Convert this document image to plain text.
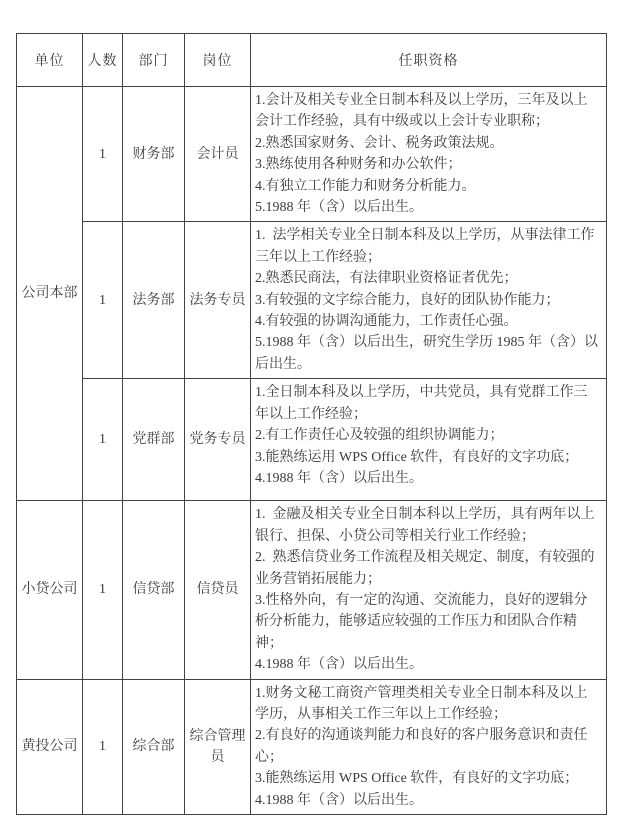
单位	人数	部门	岗位	任职资格
公司本部	1	财务部	会计员	1.会计及相关专业全日制本科及以上学历，三年及以上会计工作经验，具有中级或以上会计专业职称；
2.熟悉国家财务、会计、税务政策法规。
3.熟练使用各种财务和办公软件；
4.有独立工作能力和财务分析能力。
5.1988 年（含）以后出生。

	1	法务部	法务专员	1.  法学相关专业全日制本科及以上学历，从事法律工作三年以上工作经验；
2.熟悉民商法，有法律职业资格证者优先；
3.有较强的文字综合能力，良好的团队协作能力；
4.有较强的协调沟通能力，工作责任心强。
5.1988 年（含）以后出生，研究生学历 1985 年（含）以后出生。

	1	党群部	党务专员	1.全日制本科及以上学历，中共党员，具有党群工作三年以上工作经验；
2.有工作责任心及较强的组织协调能力；
3.能熟练运用 WPS Office 软件，有良好的文字功底；
4.1988 年（含）以后出生。

小贷公司	1	信贷部	信贷员	1.  金融及相关专业全日制本科以上学历，具有两年以上银行、担保、小贷公司等相关行业工作经验；
2.  熟悉信贷业务工作流程及相关规定、制度，有较强的业务营销拓展能力；
3.性格外向，有一定的沟通、交流能力，良好的逻辑分析分析能力，能够适应较强的工作压力和团队合作精神；
4.1988 年（含）以后出生。

黄投公司	1	综合部	综合管理员	1.财务文秘工商资产管理类相关专业全日制本科及以上学历，从事相关工作三年以上工作经验；
2.有良好的沟通谈判能力和良好的客户服务意识和责任心；
3.能熟练运用 WPS Office 软件，有良好的文字功底；
4.1988 年（含）以后出生。
